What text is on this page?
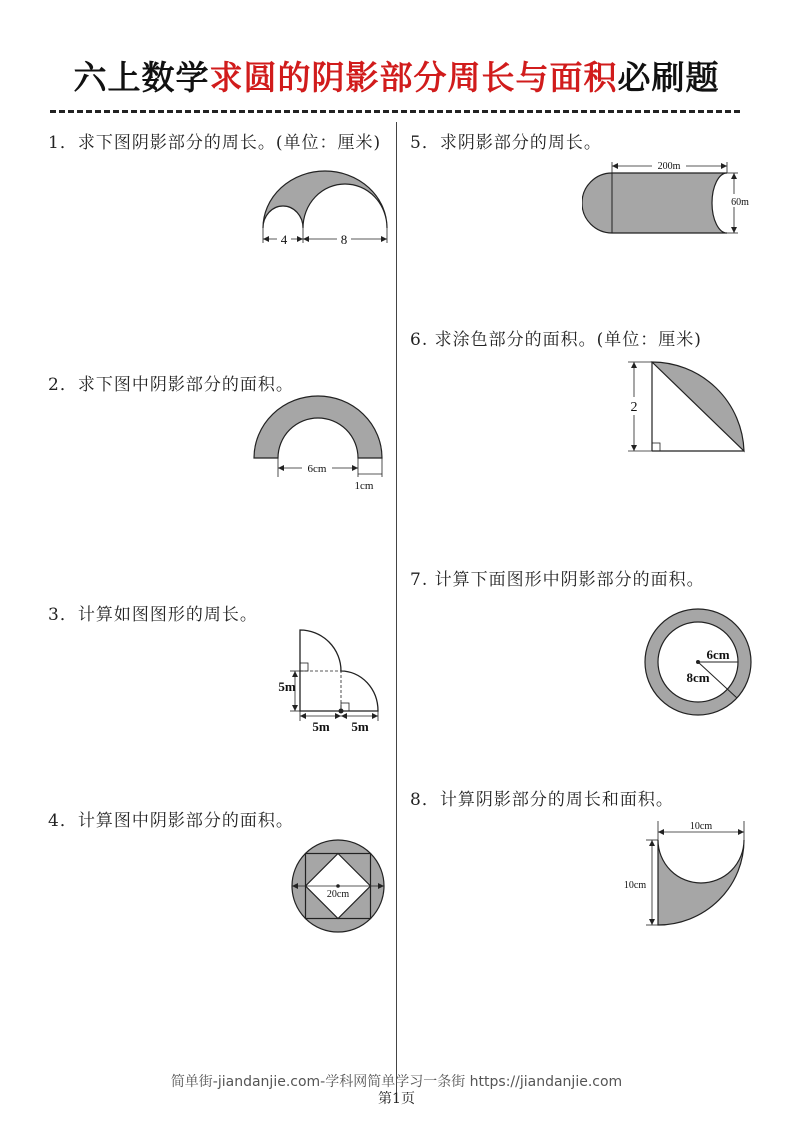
六上数学求圆的阴影部分周长与面积必刷题
1．求下图阴影部分的周长。(单位：厘米)
4	8
2．求下图中阴影部分的面积。
6cm
1cm
3．计算如图图形的周长。
5m
5m 5m
4．计算图中阴影部分的面积。
20cm
5．求阴影部分的周长。
200m
60m
6. 求涂色部分的面积。(单位：厘米)
2
7. 计算下面图形中阴影部分的面积。
6cm
8cm
8．计算阴影部分的周长和面积。
10cm
10cm
简单街-jiandanjie.com-学科网简单学习一条街 https://jiandanjie.com
第1页
